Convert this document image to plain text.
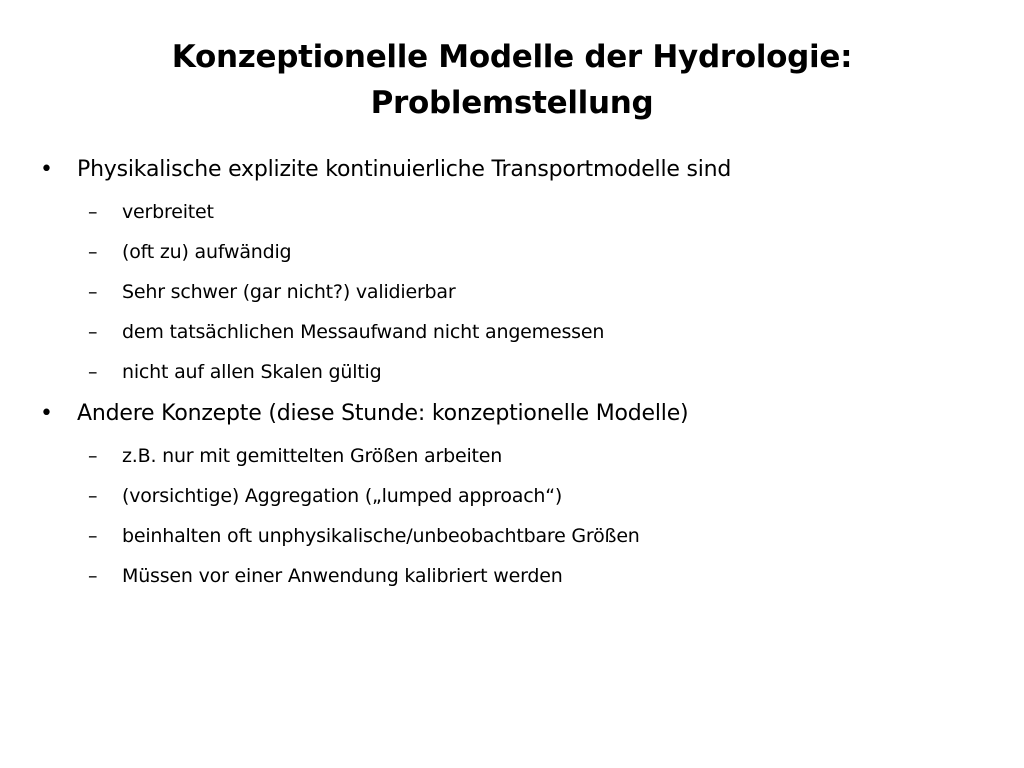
Konzeptionelle Modelle der Hydrologie:
Problemstellung
• Physikalische explizite kontinuierliche Transportmodelle sind
– verbreitet
– (oft zu) aufwändig
– Sehr schwer (gar nicht?) validierbar
– dem tatsächlichen Messaufwand nicht angemessen
– nicht auf allen Skalen gültig
• Andere Konzepte (diese Stunde: konzeptionelle Modelle)
– z.B. nur mit gemittelten Größen arbeiten
– (vorsichtige) Aggregation („lumped approach“)
– beinhalten oft unphysikalische/unbeobachtbare Größen
– Müssen vor einer Anwendung kalibriert werden
